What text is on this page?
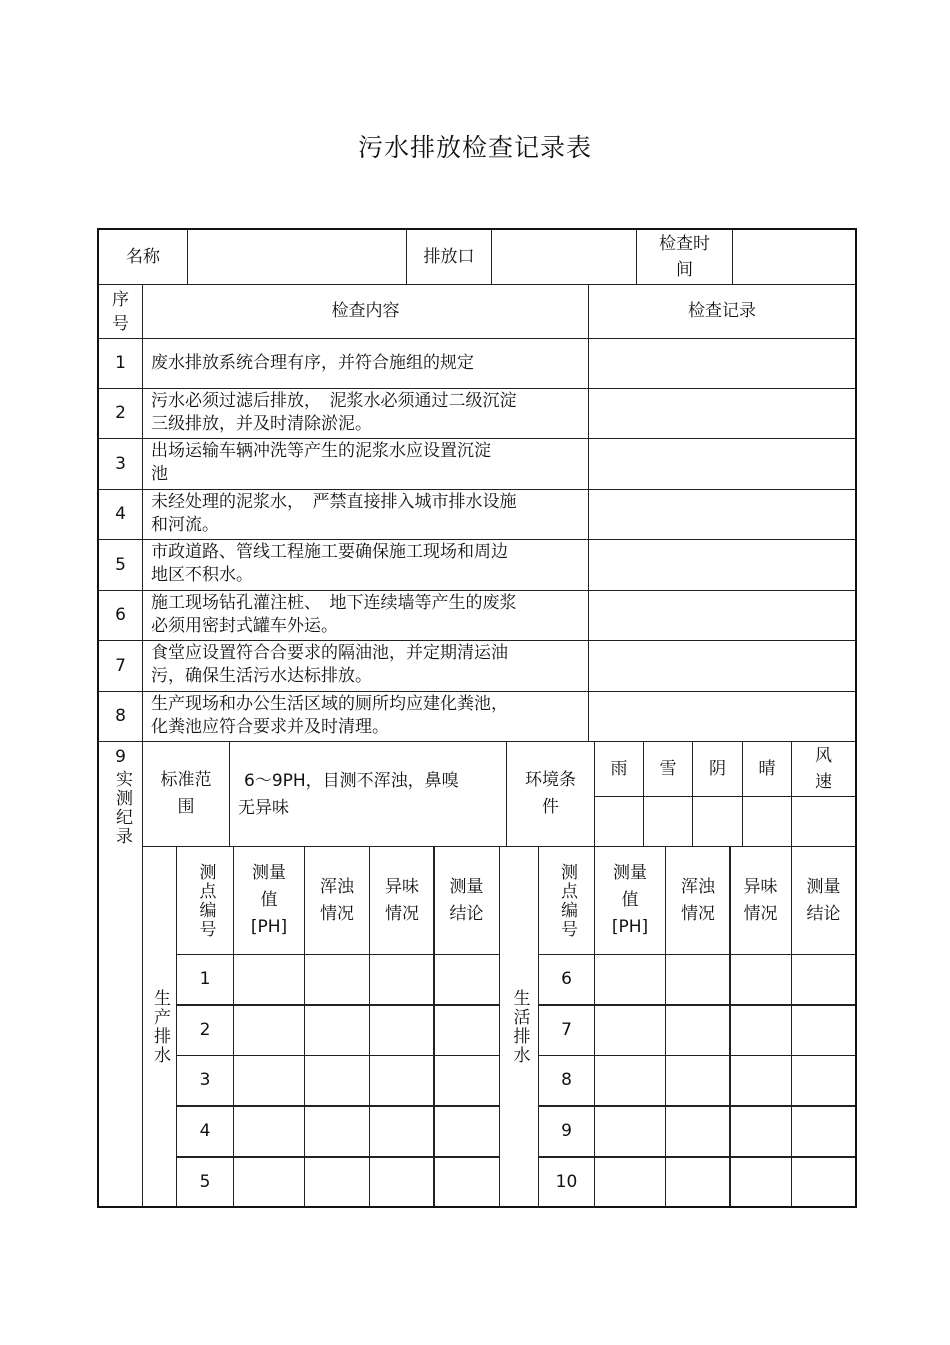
污水排放检查记录表
名称	排放口
检查时
间
序
号
检查内容	检查记录
1 废水排放系统合理有序，并符合施组的规定
2
污水必须过滤后排放，　泥浆水必须通过二级沉淀
三级排放，并及时清除淤泥。
3
出场运输车辆冲洗等产生的泥浆水应设置沉淀
池
4
未经处理的泥浆水，　严禁直接排入城市排水设施
和河流。
5
市政道路、管线工程施工要确保施工现场和周边
地区不积水。
6
施工现场钻孔灌注桩、　地下连续墙等产生的废浆
必须用密封式罐车外运。
7
食堂应设置符合合要求的隔油池，并定期清运油
污，确保生活污水达标排放。
8
生产现场和办公生活区域的厕所均应建化粪池，
化粪池应符合要求并及时清理。
9
实测纪录 标准范
围
6～9PH，目测不浑浊，鼻嗅
无异味
环境条
件
雨 雪 阴 晴
风
速
生产排水
测点编号 测量
值
[PH]
浑浊
情况
异味
情况
测量
结论
1
2
3
4
5
生活排水
测点编号 测量
值
[PH]
浑浊
情况
异味
情况
测量
结论
6
7
8
9
10
